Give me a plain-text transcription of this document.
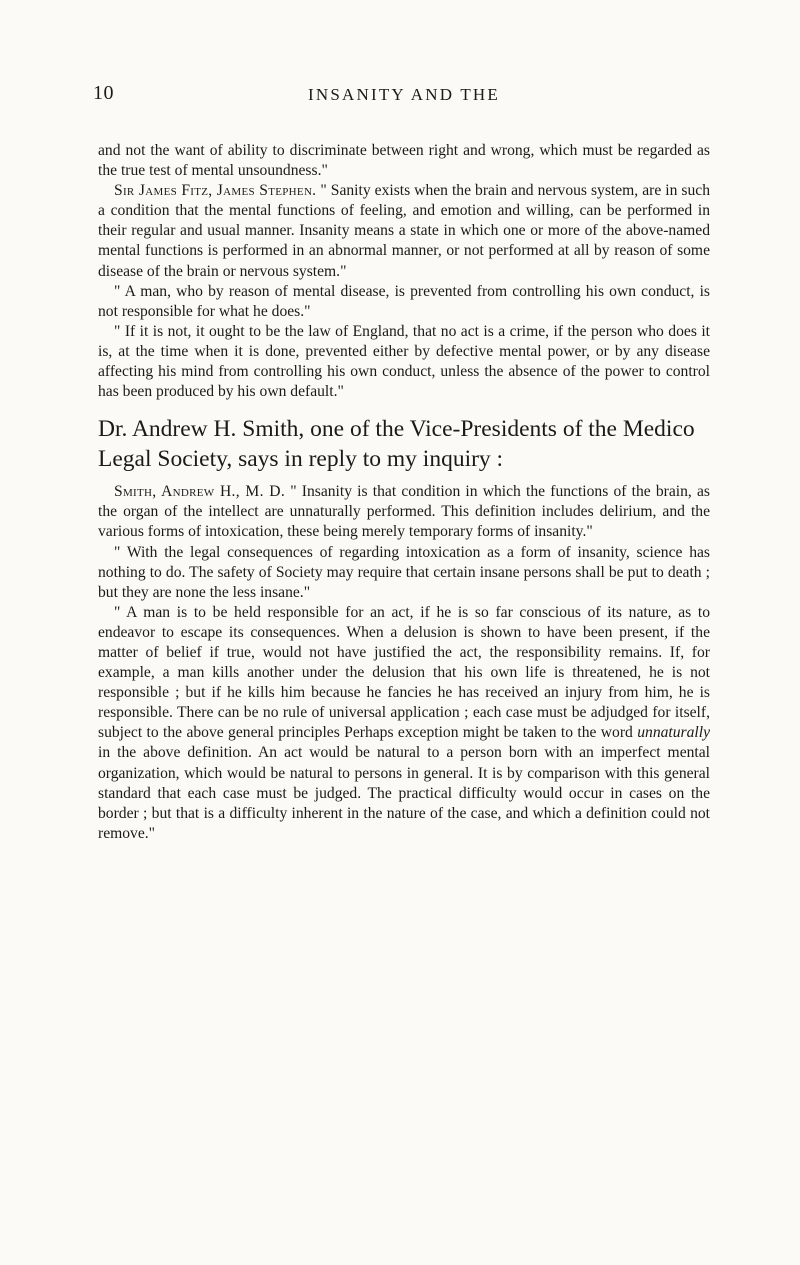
10	INSANITY AND THE

and not the want of ability to discriminate between right and wrong, which must be regarded as the true test of mental unsoundness."

Sir James Fitz, James Stephen. " Sanity exists when the brain and nervous system, are in such a condition that the mental functions of feeling, and emotion and willing, can be performed in their regular and usual manner. Insanity means a state in which one or more of the above-named mental functions is performed in an abnormal manner, or not performed at all by reason of some disease of the brain or nervous system."

" A man, who by reason of mental disease, is prevented from controlling his own conduct, is not responsible for what he does."

" If it is not, it ought to be the law of England, that no act is a crime, if the person who does it is, at the time when it is done, prevented either by defective mental power, or by any disease affecting his mind from controlling his own conduct, unless the absence of the power to control has been produced by his own default."

Dr. Andrew H. Smith, one of the Vice-Presidents of the Medico Legal Society, says in reply to my inquiry :

Smith, Andrew H., M. D. " Insanity is that condition in which the functions of the brain, as the organ of the intellect are unnaturally performed. This definition includes delirium, and the various forms of intoxication, these being merely temporary forms of insanity."

" With the legal consequences of regarding intoxication as a form of insanity, science has nothing to do. The safety of Society may require that certain insane persons shall be put to death ; but they are none the less insane."

" A man is to be held responsible for an act, if he is so far conscious of its nature, as to endeavor to escape its consequences. When a delusion is shown to have been present, if the matter of belief if true, would not have justified the act, the responsibility remains. If, for example, a man kills another under the delusion that his own life is threatened, he is not responsible ; but if he kills him because he fancies he has received an injury from him, he is responsible. There can be no rule of universal application ; each case must be adjudged for itself, subject to the above general principles Perhaps exception might be taken to the word unnaturally in the above definition. An act would be natural to a person born with an imperfect mental organization, which would be natural to persons in general. It is by comparison with this general standard that each case must be judged. The practical difficulty would occur in cases on the border ; but that is a difficulty inherent in the nature of the case, and which a definition could not remove."
